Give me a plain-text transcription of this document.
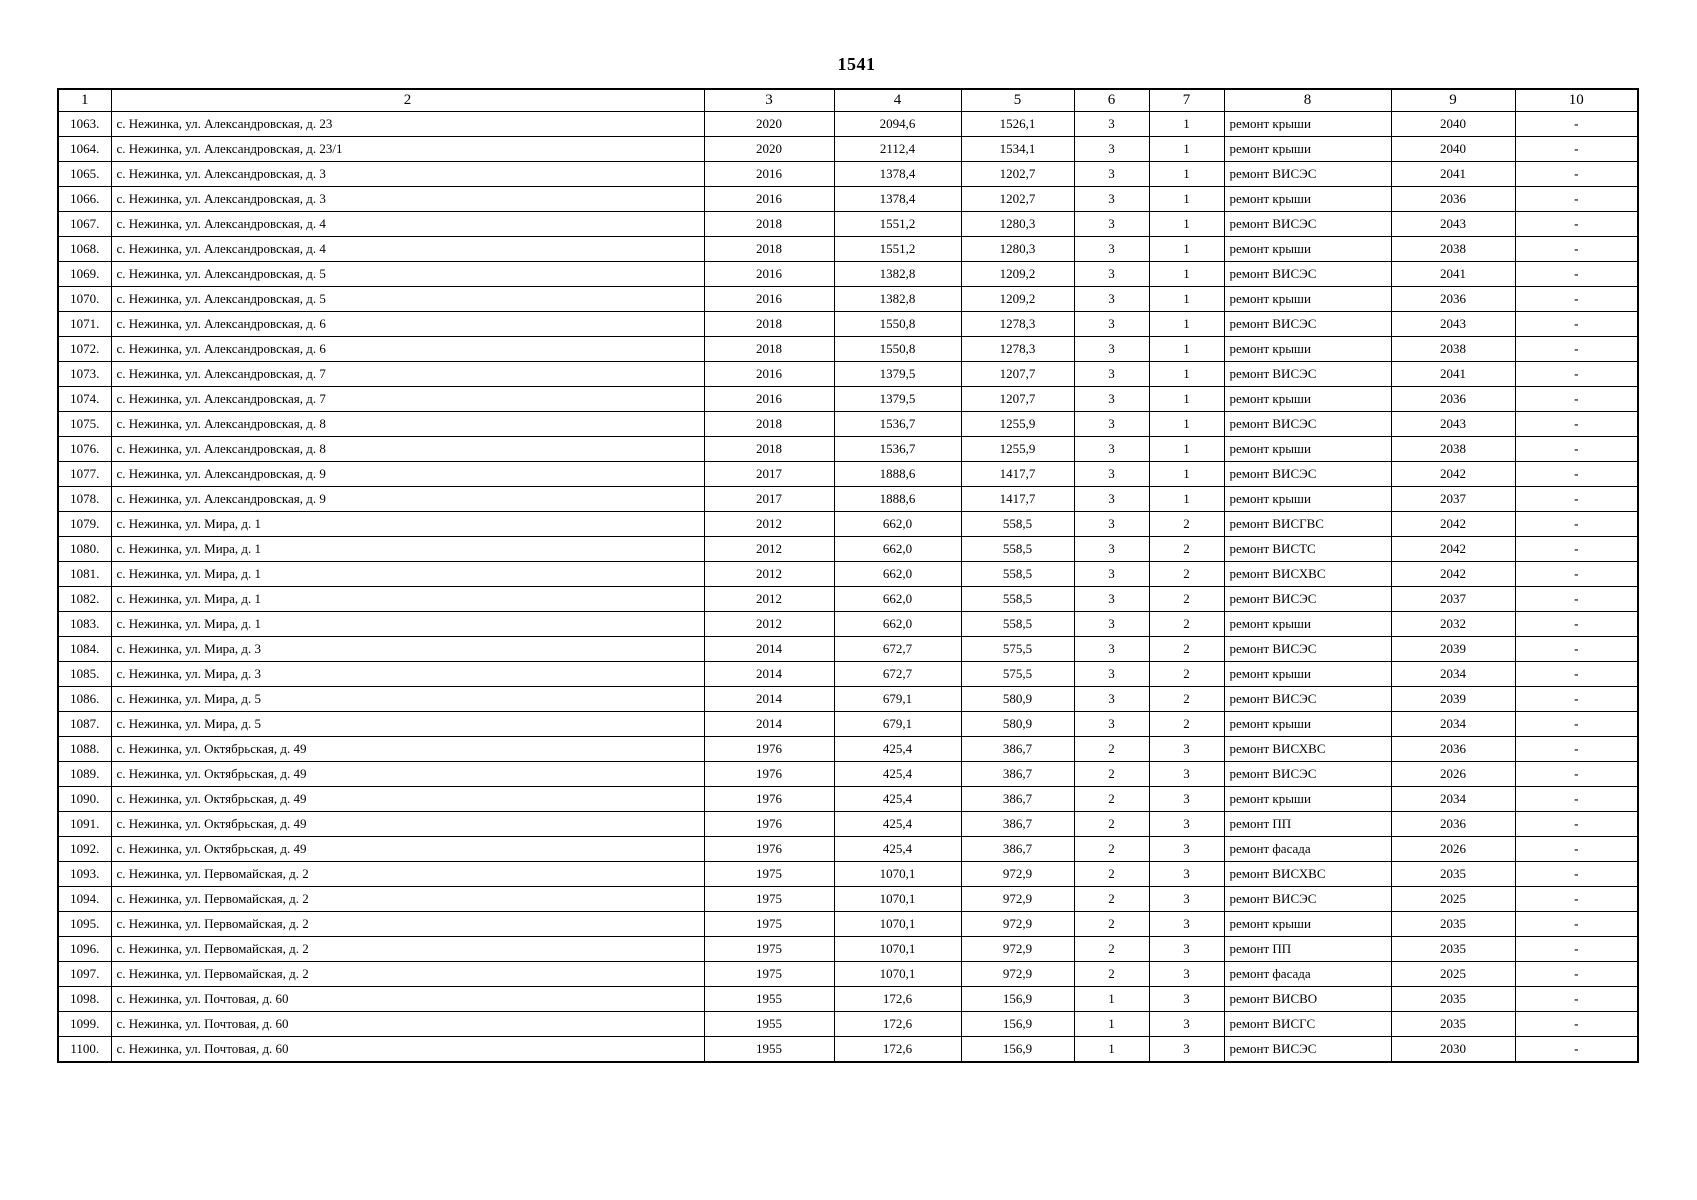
1541
1	2	3	4	5	6	7	8	9	10
1063.	с. Нежинка, ул. Александровская, д. 23	2020	2094,6	1526,1	3	1	ремонт крыши	2040	-
1064.	с. Нежинка, ул. Александровская, д. 23/1	2020	2112,4	1534,1	3	1	ремонт крыши	2040	-
1065.	с. Нежинка, ул. Александровская, д. 3	2016	1378,4	1202,7	3	1	ремонт ВИСЭС	2041	-
1066.	с. Нежинка, ул. Александровская, д. 3	2016	1378,4	1202,7	3	1	ремонт крыши	2036	-
1067.	с. Нежинка, ул. Александровская, д. 4	2018	1551,2	1280,3	3	1	ремонт ВИСЭС	2043	-
1068.	с. Нежинка, ул. Александровская, д. 4	2018	1551,2	1280,3	3	1	ремонт крыши	2038	-
1069.	с. Нежинка, ул. Александровская, д. 5	2016	1382,8	1209,2	3	1	ремонт ВИСЭС	2041	-
1070.	с. Нежинка, ул. Александровская, д. 5	2016	1382,8	1209,2	3	1	ремонт крыши	2036	-
1071.	с. Нежинка, ул. Александровская, д. 6	2018	1550,8	1278,3	3	1	ремонт ВИСЭС	2043	-
1072.	с. Нежинка, ул. Александровская, д. 6	2018	1550,8	1278,3	3	1	ремонт крыши	2038	-
1073.	с. Нежинка, ул. Александровская, д. 7	2016	1379,5	1207,7	3	1	ремонт ВИСЭС	2041	-
1074.	с. Нежинка, ул. Александровская, д. 7	2016	1379,5	1207,7	3	1	ремонт крыши	2036	-
1075.	с. Нежинка, ул. Александровская, д. 8	2018	1536,7	1255,9	3	1	ремонт ВИСЭС	2043	-
1076.	с. Нежинка, ул. Александровская, д. 8	2018	1536,7	1255,9	3	1	ремонт крыши	2038	-
1077.	с. Нежинка, ул. Александровская, д. 9	2017	1888,6	1417,7	3	1	ремонт ВИСЭС	2042	-
1078.	с. Нежинка, ул. Александровская, д. 9	2017	1888,6	1417,7	3	1	ремонт крыши	2037	-
1079.	с. Нежинка, ул. Мира, д. 1	2012	662,0	558,5	3	2	ремонт ВИСГВС	2042	-
1080.	с. Нежинка, ул. Мира, д. 1	2012	662,0	558,5	3	2	ремонт ВИСТС	2042	-
1081.	с. Нежинка, ул. Мира, д. 1	2012	662,0	558,5	3	2	ремонт ВИСХВС	2042	-
1082.	с. Нежинка, ул. Мира, д. 1	2012	662,0	558,5	3	2	ремонт ВИСЭС	2037	-
1083.	с. Нежинка, ул. Мира, д. 1	2012	662,0	558,5	3	2	ремонт крыши	2032	-
1084.	с. Нежинка, ул. Мира, д. 3	2014	672,7	575,5	3	2	ремонт ВИСЭС	2039	-
1085.	с. Нежинка, ул. Мира, д. 3	2014	672,7	575,5	3	2	ремонт крыши	2034	-
1086.	с. Нежинка, ул. Мира, д. 5	2014	679,1	580,9	3	2	ремонт ВИСЭС	2039	-
1087.	с. Нежинка, ул. Мира, д. 5	2014	679,1	580,9	3	2	ремонт крыши	2034	-
1088.	с. Нежинка, ул. Октябрьская, д. 49	1976	425,4	386,7	2	3	ремонт ВИСХВС	2036	-
1089.	с. Нежинка, ул. Октябрьская, д. 49	1976	425,4	386,7	2	3	ремонт ВИСЭС	2026	-
1090.	с. Нежинка, ул. Октябрьская, д. 49	1976	425,4	386,7	2	3	ремонт крыши	2034	-
1091.	с. Нежинка, ул. Октябрьская, д. 49	1976	425,4	386,7	2	3	ремонт ПП	2036	-
1092.	с. Нежинка, ул. Октябрьская, д. 49	1976	425,4	386,7	2	3	ремонт фасада	2026	-
1093.	с. Нежинка, ул. Первомайская, д. 2	1975	1070,1	972,9	2	3	ремонт ВИСХВС	2035	-
1094.	с. Нежинка, ул. Первомайская, д. 2	1975	1070,1	972,9	2	3	ремонт ВИСЭС	2025	-
1095.	с. Нежинка, ул. Первомайская, д. 2	1975	1070,1	972,9	2	3	ремонт крыши	2035	-
1096.	с. Нежинка, ул. Первомайская, д. 2	1975	1070,1	972,9	2	3	ремонт ПП	2035	-
1097.	с. Нежинка, ул. Первомайская, д. 2	1975	1070,1	972,9	2	3	ремонт фасада	2025	-
1098.	с. Нежинка, ул. Почтовая, д. 60	1955	172,6	156,9	1	3	ремонт ВИСВО	2035	-
1099.	с. Нежинка, ул. Почтовая, д. 60	1955	172,6	156,9	1	3	ремонт ВИСГС	2035	-
1100.	с. Нежинка, ул. Почтовая, д. 60	1955	172,6	156,9	1	3	ремонт ВИСЭС	2030	-
